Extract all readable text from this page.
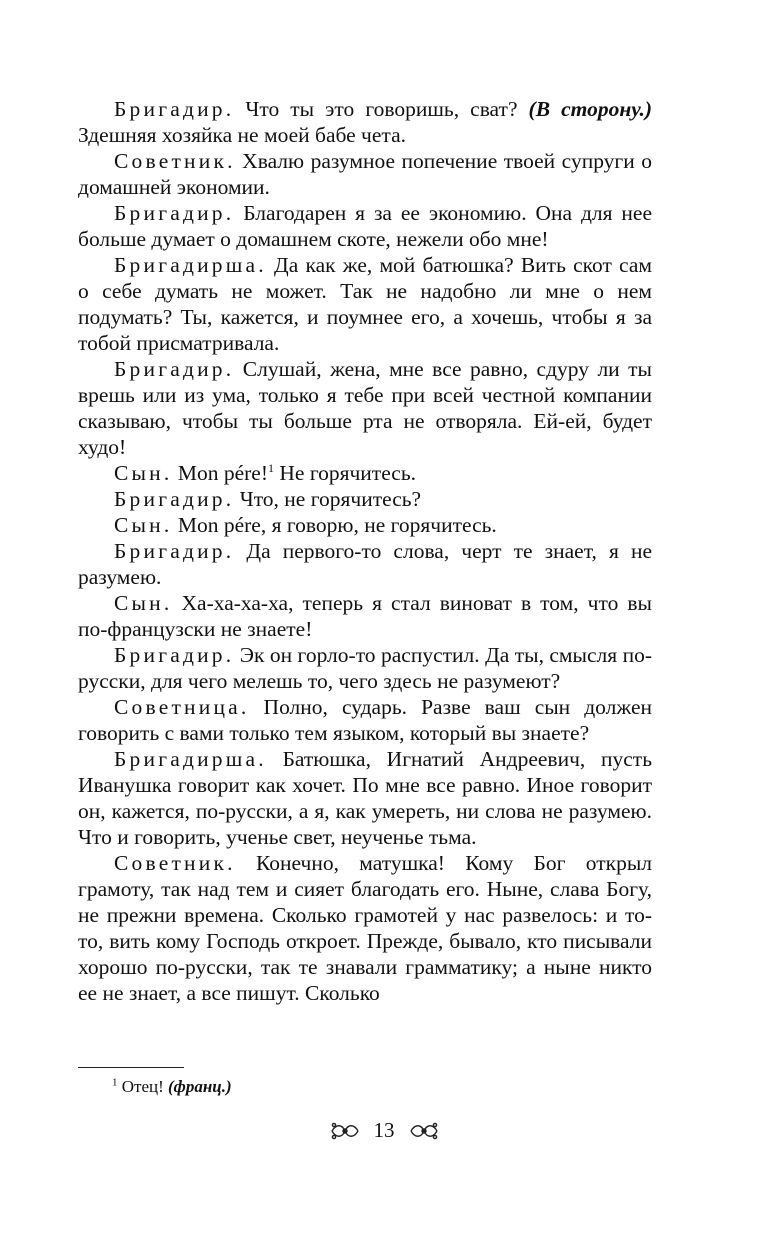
Бригадир. Что ты это говоришь, сват? (В сторону.) Здешняя хозяйка не моей бабе чета.

Советник. Хвалю разумное попечение твоей супруги о домашней экономии.

Бригадир. Благодарен я за ее экономию. Она для нее больше думает о домашнем скоте, нежели обо мне!

Бригадирша. Да как же, мой батюшка? Вить скот сам о себе думать не может. Так не надобно ли мне о нем подумать? Ты, кажется, и поумнее его, а хочешь, чтобы я за тобой присматривала.

Бригадир. Слушай, жена, мне все равно, сдуру ли ты врешь или из ума, только я тебе при всей честной компании сказываю, чтобы ты больше рта не отворяла. Ей-ей, будет худо!

Сын. Mon pére!$^1$ Не горячитесь.

Бригадир. Что, не горячитесь?

Сын. Mon pére, я говорю, не горячитесь.

Бригадир. Да первого-то слова, черт те знает, я не разумею.

Сын. Ха-ха-ха-ха, теперь я стал виноват в том, что вы по-французски не знаете!

Бригадир. Эк он горло-то распустил. Да ты, смысля по-русски, для чего мелешь то, чего здесь не разумеют?

Советница. Полно, сударь. Разве ваш сын должен говорить с вами только тем языком, который вы знаете?

Бригадирша. Батюшка, Игнатий Андреевич, пусть Иванушка говорит как хочет. По мне все равно. Иное говорит он, кажется, по-русски, а я, как умереть, ни слова не разумею. Что и говорить, ученье свет, неученье тьма.

Советник. Конечно, матушка! Кому Бог открыл грамоту, так над тем и сияет благодать его. Ныне, слава Богу, не прежни времена. Сколько грамотей у нас развелось: и то-то, вить кому Господь откроет. Прежде, бывало, кто писывали хорошо по-русски, так те знавали грамматику; а ныне никто ее не знает, а все пишут. Сколько

$^1$ Отец! (франц.)
13
